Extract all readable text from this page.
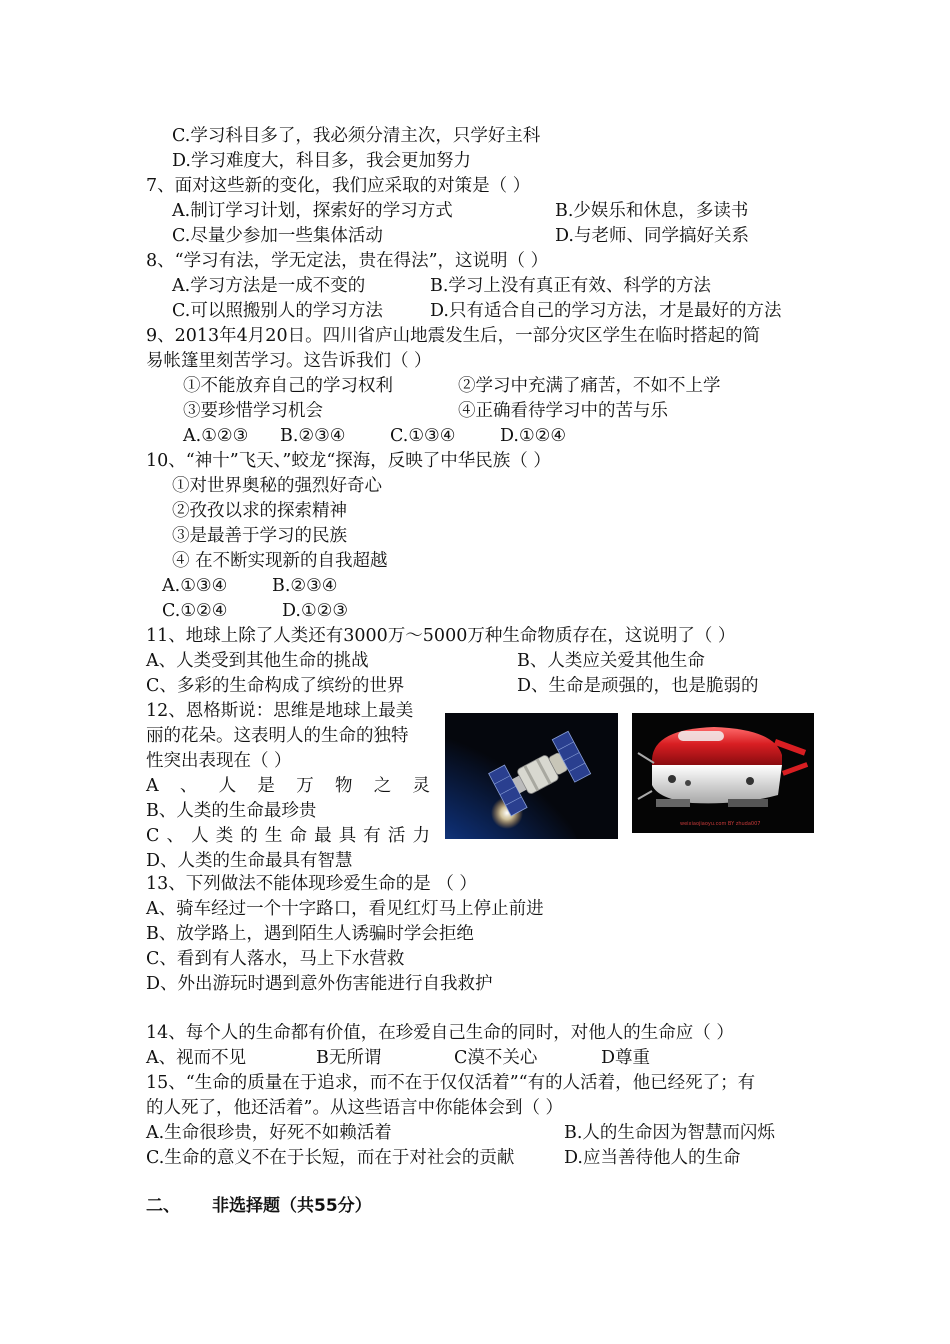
C.学习科目多了，我必须分清主次，只学好主科
D.学习难度大，科目多，我会更加努力
7、面对这些新的变化，我们应采取的对策是（ ）
A.制订学习计划，探索好的学习方式	B.少娱乐和休息，多读书
C.尽量少参加一些集体活动	D.与老师、同学搞好关系
8、“学习有法，学无定法，贵在得法”，这说明（ ）
A.学习方法是一成不变的	B.学习上没有真正有效、科学的方法
C.可以照搬别人的学习方法	D.只有适合自己的学习方法，才是最好的方法
9、2013年4月20日。四川省庐山地震发生后，一部分灾区学生在临时搭起的简
易帐篷里刻苦学习。这告诉我们（ ）
①不能放弃自己的学习权利	②学习中充满了痛苦，不如不上学
③要珍惜学习机会	④正确看待学习中的苦与乐
A.①②③ B.②③④	C.①③④	D.①②④
10、“神十”飞天、”蛟龙“探海，反映了中华民族（ ）
①对世界奥秘的强烈好奇心
②孜孜以求的探索精神
③是最善于学习的民族
④ 在不断实现新的自我超越
A.①③④	B.②③④
C.①②④	D.①②③
11、地球上除了人类还有3000万～5000万种生命物质存在，这说明了（ ）
A、人类受到其他生命的挑战	B、人类应关爱其他生命
C、多彩的生命构成了缤纷的世界	D、生命是顽强的，也是脆弱的
12、恩格斯说：思维是地球上最美
丽的花朵。这表明人的生命的独特
性突出表现在（ ）
A、人是万物之灵
B、人类的生命最珍贵
C、人类的生命最具有活力
D、人类的生命最具有智慧
weixiaojiaoyu.com BY zhuda007
13、下列做法不能体现珍爱生命的是 （ ）
A、骑车经过一个十字路口，看见红灯马上停止前进
B、放学路上，遇到陌生人诱骗时学会拒绝
C、看到有人落水，马上下水营救
D、外出游玩时遇到意外伤害能进行自我救护
14、每个人的生命都有价值，在珍爱自己生命的同时，对他人的生命应（ ）
A、视而不见	B无所谓	C漠不关心	D尊重
15、“生命的质量在于追求，而不在于仅仅活着”“有的人活着，他已经死了；有
的人死了，他还活着”。从这些语言中你能体会到（ ）
A.生命很珍贵，好死不如赖活着	B.人的生命因为智慧而闪烁
C.生命的意义不在于长短，而在于对社会的贡献	D.应当善待他人的生命
二、 非选择题（共55分）
